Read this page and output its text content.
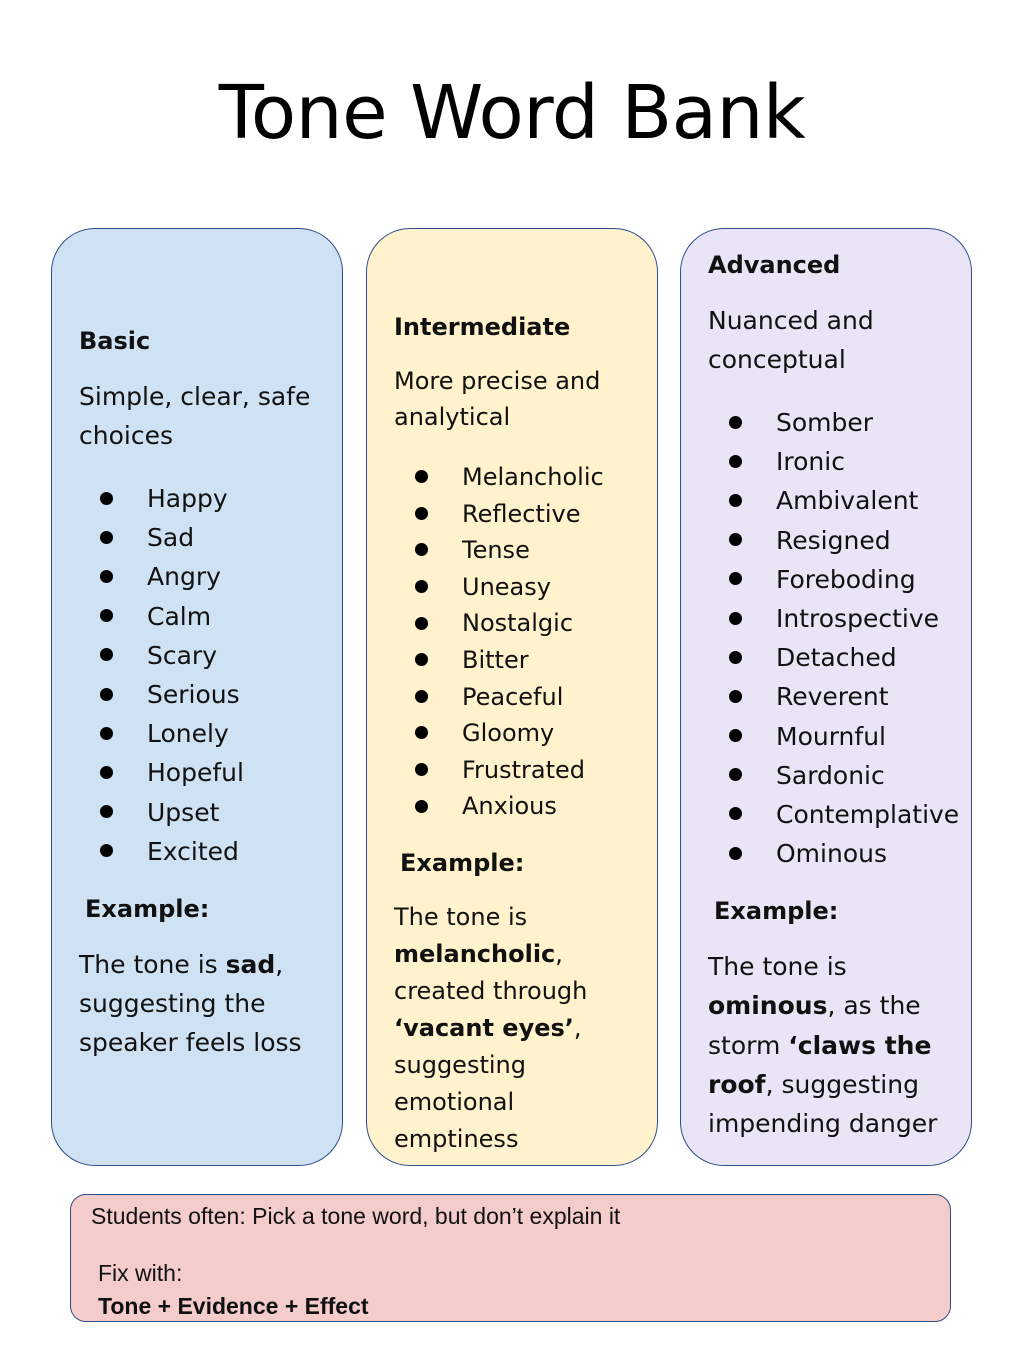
Tone Word Bank

Basic

Simple, clear, safe choices

Happy
Sad
Angry
Calm
Scary
Serious
Lonely
Hopeful
Upset
Excited

Example:

The tone is sad, suggesting the speaker feels loss

Intermediate

More precise and analytical

Melancholic
Reflective
Tense
Uneasy
Nostalgic
Bitter
Peaceful
Gloomy
Frustrated
Anxious

Example:

The tone is melancholic, created through ‘vacant eyes’, suggesting emotional emptiness

Advanced

Nuanced and conceptual

Somber
Ironic
Ambivalent
Resigned
Foreboding
Introspective
Detached
Reverent
Mournful
Sardonic
Contemplative
Ominous

Example:

The tone is ominous, as the storm ‘claws the roof, suggesting impending danger

Students often: Pick a tone word, but don’t explain it
Fix with:
Tone + Evidence + Effect
